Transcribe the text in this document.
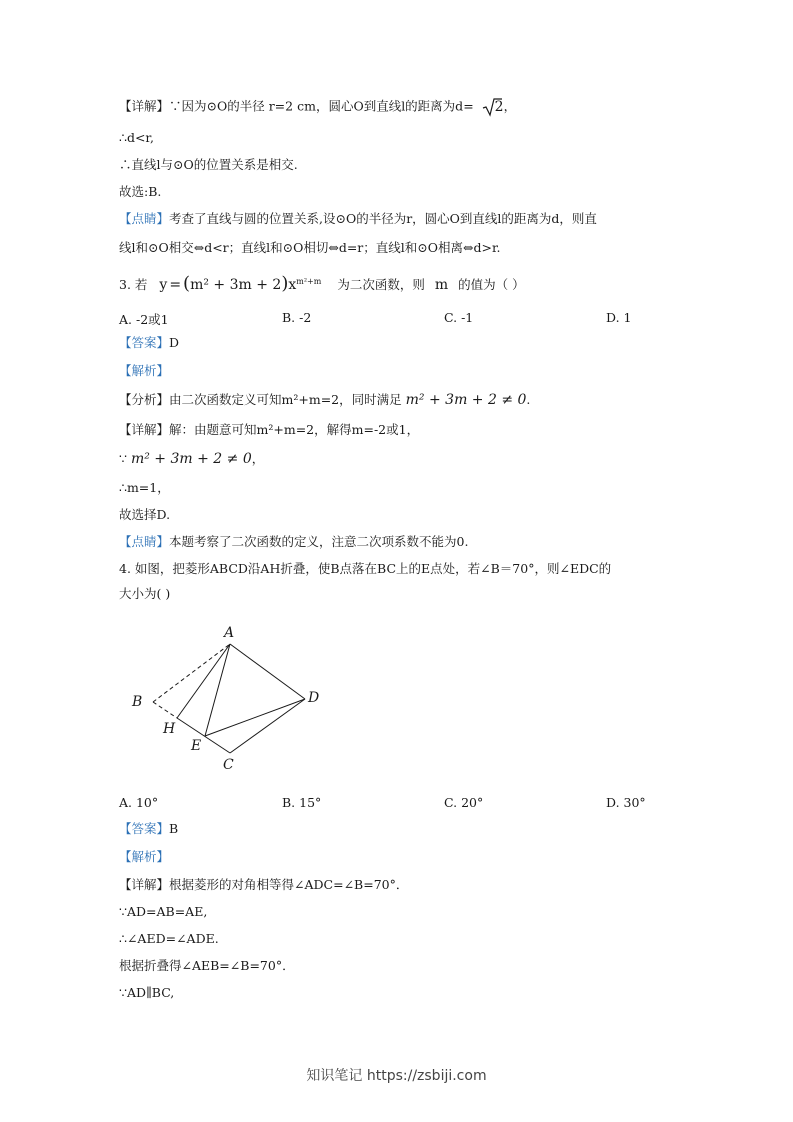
【详解】∵因为⊙O的半径 r=2 cm，圆心O到直线l的距离为d= 2，
∴d<r,
∴直线l与⊙O的位置关系是相交.
故选:B.
【点睛】考查了直线与圆的位置关系,设⊙O的半径为r，圆心O到直线l的距离为d，则直
线l和⊙O相交⇔d<r；直线l和⊙O相切⇔d=r；直线l和⊙O相离⇔d>r.
3. 若 $y = (m^2 + 3m + 2)x^{m^2+m}$ 为二次函数，则 m 的值为（ ）
A. -2或1	B. -2	C. -1	D. 1
【答案】D
【解析】
【分析】由二次函数定义可知m²+m=2，同时满足 m² + 3m + 2 ≠ 0.
【详解】解：由题意可知m²+m=2，解得m=-2或1，
∵ m² + 3m + 2 ≠ 0，
∴m=1，
故选择D.
【点睛】本题考察了二次函数的定义，注意二次项系数不能为0.
4. 如图，把菱形ABCD沿AH折叠，使B点落在BC上的E点处，若∠B＝70°，则∠EDC的
大小为( )
A
B
C
D
E
H
A. 10°	B. 15°	C. 20°	D. 30°
【答案】B
【解析】
【详解】根据菱形的对角相等得∠ADC=∠B=70°．
∵AD=AB=AE,
∴∠AED=∠ADE.
根据折叠得∠AEB=∠B=70°．
∵AD∥BC,
知识笔记 https://zsbiji.com
